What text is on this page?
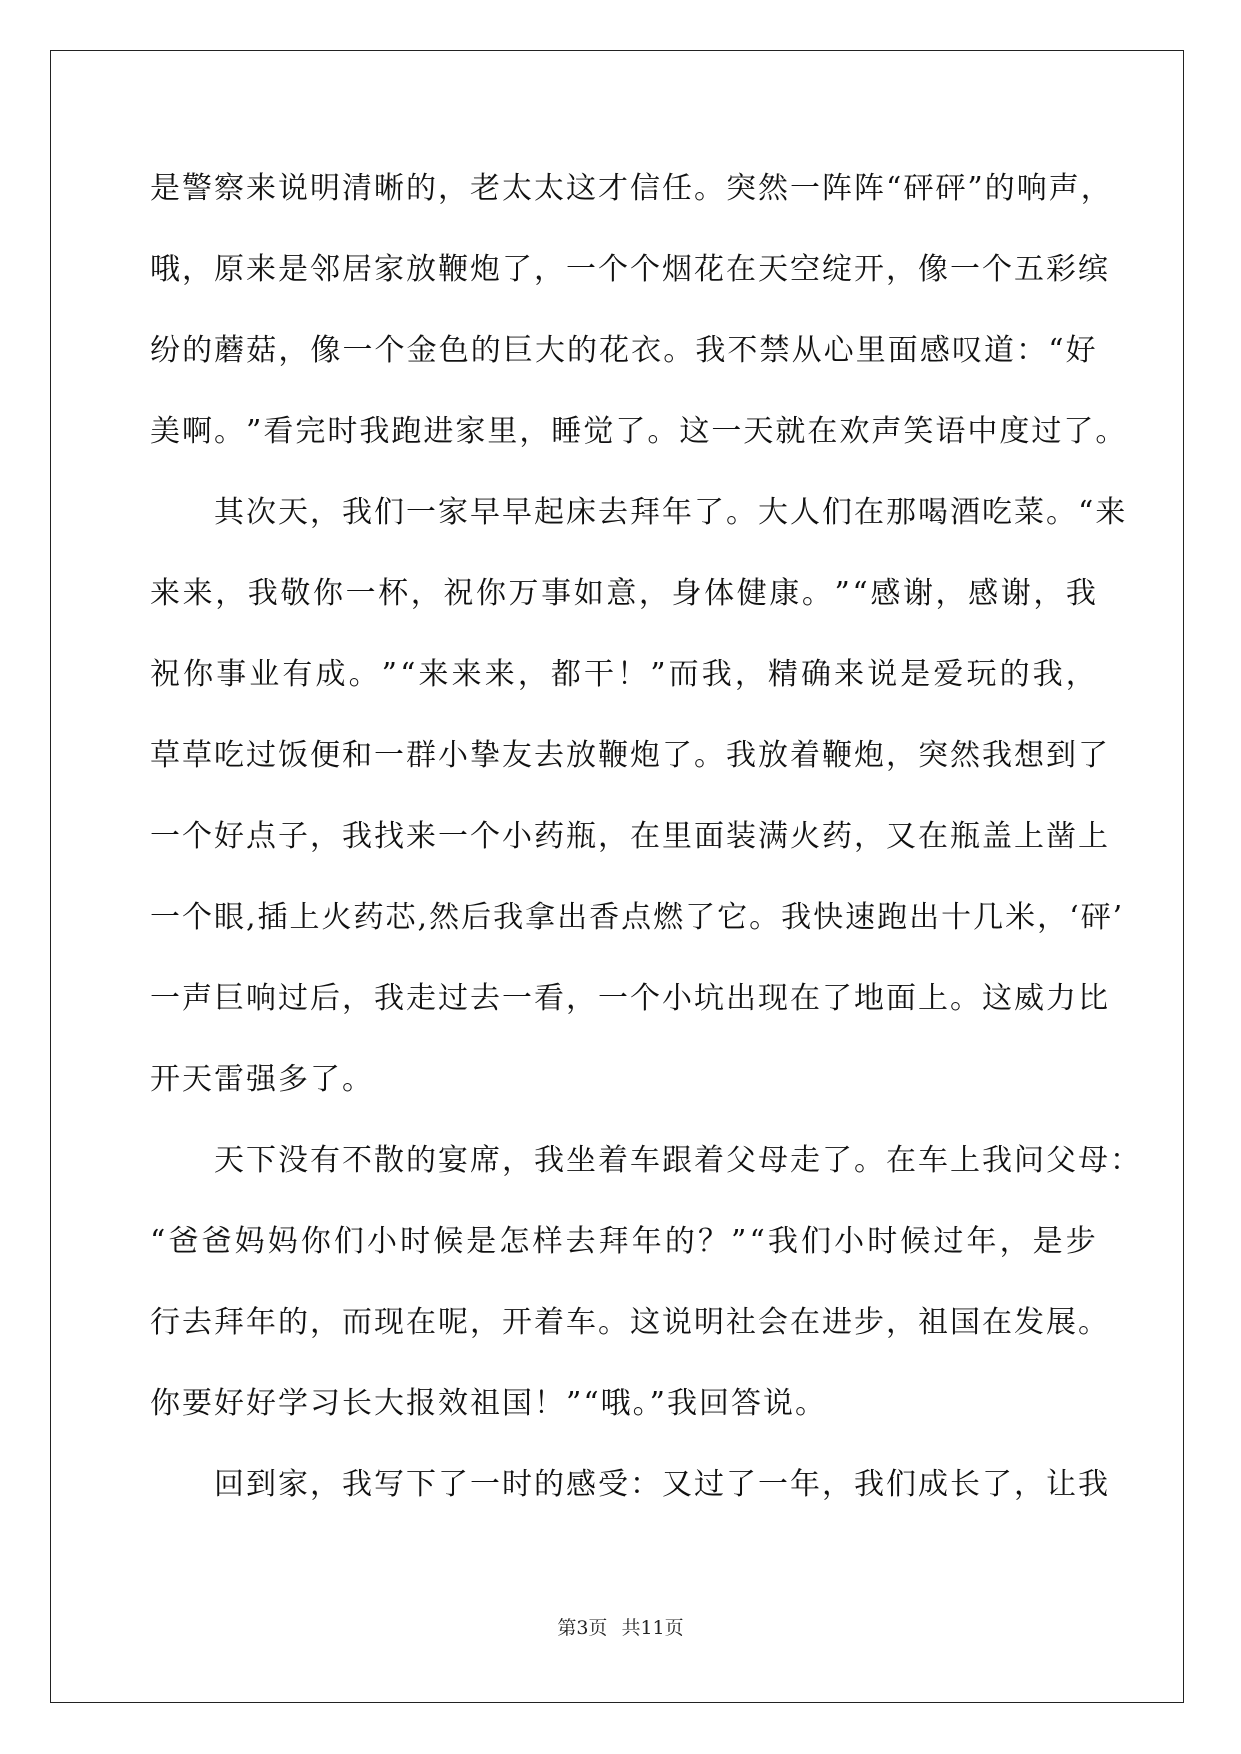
是 警 察 来 说 明 清 晰 的 ， 老 太 太 这 才 信 任 。 突 然 一 阵 阵 “ 砰 砰 ” 的 响 声 ，
哦 ， 原 来 是 邻 居 家 放 鞭 炮 了 ， 一 个 个 烟 花 在 天 空 绽 开 ， 像 一 个 五 彩 缤
纷 的 蘑 菇 ， 像 一 个 金 色 的 巨 大 的 花 衣 。 我 不 禁 从 心 里 面 感 叹 道 ： “ 好
美 啊 。 ” 看 完 时 我 跑 进 家 里 ， 睡 觉 了 。 这 一 天 就 在 欢 声 笑 语 中 度 过 了 。
其 次 天 ， 我 们 一 家 早 早 起 床 去 拜 年 了 。 大 人 们 在 那 喝 酒 吃 菜 。 “ 来
来 来 ， 我 敬 你 一 杯 ， 祝 你 万 事 如 意 ， 身 体 健 康 。 ” “ 感 谢 ， 感 谢 ， 我
祝 你 事 业 有 成 。 ” “ 来 来 来 ， 都 干 ！ ” 而 我 ， 精 确 来 说 是 爱 玩 的 我 ，
草 草 吃 过 饭 便 和 一 群 小 挚 友 去 放 鞭 炮 了 。 我 放 着 鞭 炮 ， 突 然 我 想 到 了
一 个 好 点 子 ， 我 找 来 一 个 小 药 瓶 ， 在 里 面 装 满 火 药 ， 又 在 瓶 盖 上 凿 上
一 个 眼 , 插 上 火 药 芯 , 然 后 我 拿 出 香 点 燃 了 它 。 我 快 速 跑 出 十 几 米 ， ‘ 砰 ’
一 声 巨 响 过 后 ， 我 走 过 去 一 看 ， 一 个 小 坑 出 现 在 了 地 面 上 。 这 威 力 比
开天雷强多了。
天 下 没 有 不 散 的 宴 席 ， 我 坐 着 车 跟 着 父 母 走 了 。 在 车 上 我 问 父 母 ：
“ 爸 爸 妈 妈 你 们 小 时 候 是 怎 样 去 拜 年 的 ？ ” “ 我 们 小 时 候 过 年 ， 是 步
行 去 拜 年 的 ， 而 现 在 呢 ， 开 着 车 。 这 说 明 社 会 在 进 步 ， 祖 国 在 发 展 。
你要好好学习长大报效祖国！”“哦。”我回答说。
回 到 家 ， 我 写 下 了 一 时 的 感 受 ： 又 过 了 一 年 ， 我 们 成 长 了 ， 让 我
第3页 共11页
